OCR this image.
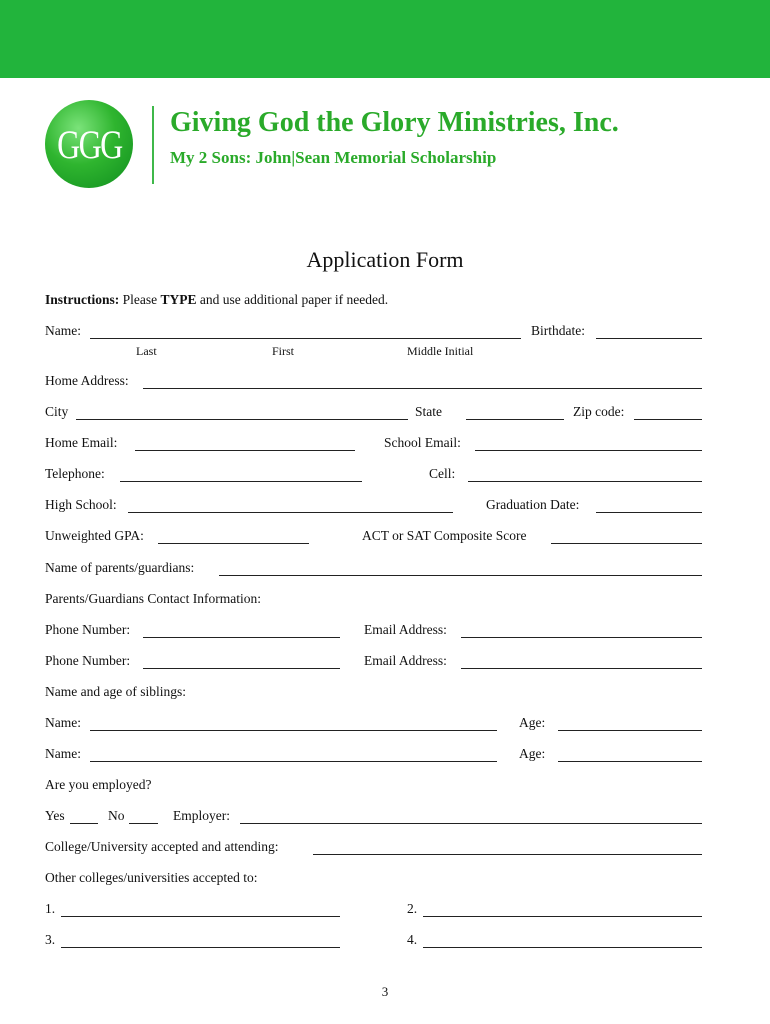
GGG Giving God the Glory Ministries, Inc.
My 2 Sons: John|Sean Memorial Scholarship
Application Form
Instructions: Please TYPE and use additional paper if needed.
Name:	Birthdate:
Last	First	Middle Initial
Home Address:
City	State	Zip code:
Home Email:	School Email:
Telephone:	Cell:
High School:	Graduation Date:
Unweighted GPA:	ACT or SAT Composite Score
Name of parents/guardians:
Parents/Guardians Contact Information:
Phone Number:	Email Address:
Phone Number:	Email Address:
Name and age of siblings:
Name:	Age:
Name:	Age:
Are you employed?
Yes	No	Employer:
College/University accepted and attending:
Other colleges/universities accepted to:
1.	2.
3.	4.
3
